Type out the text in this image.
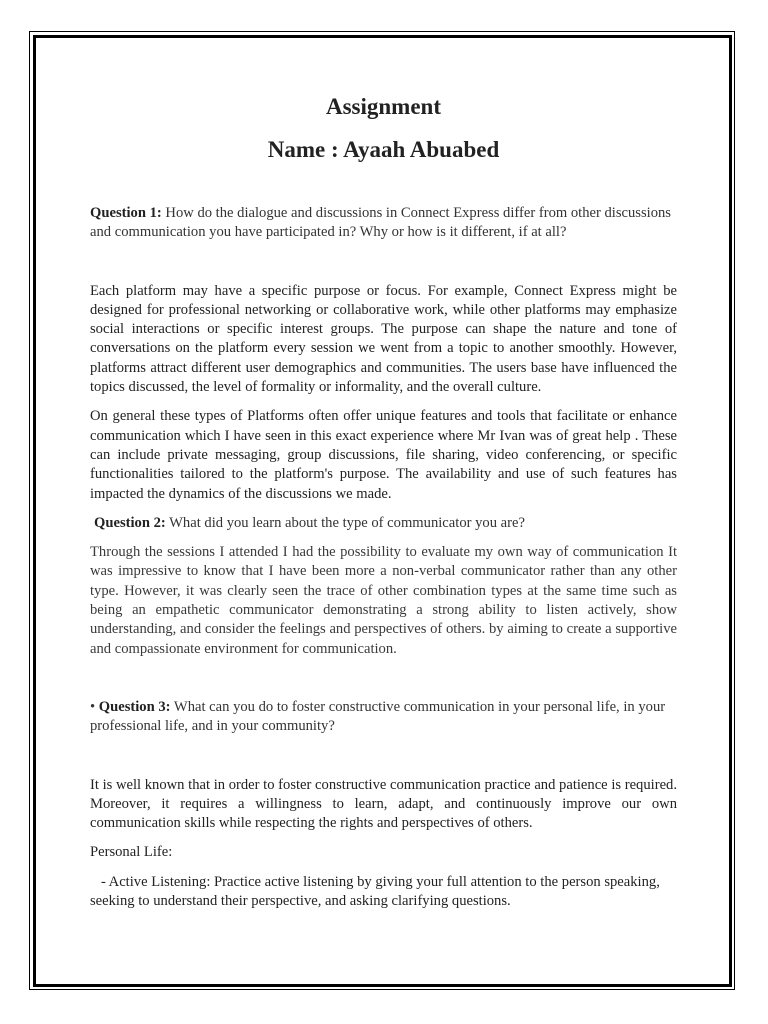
Assignment
Name : Ayaah Abuabed

Question 1: How do the dialogue and discussions in Connect Express differ from other discussions and communication you have participated in? Why or how is it different, if at all?

Each platform may have a specific purpose or focus. For example, Connect Express might be designed for professional networking or collaborative work, while other platforms may emphasize social interactions or specific interest groups. The purpose can shape the nature and tone of conversations on the platform every session we went from a topic to another smoothly. However, platforms attract different user demographics and communities. The users base have influenced the topics discussed, the level of formality or informality, and the overall culture.

On general these types of Platforms often offer unique features and tools that facilitate or enhance communication which I have seen in this exact experience where Mr Ivan was of great help . These can include private messaging, group discussions, file sharing, video conferencing, or specific functionalities tailored to the platform's purpose. The availability and use of such features has impacted the dynamics of the discussions we made.

Question 2: What did you learn about the type of communicator you are?

Through the sessions I attended I had the possibility to evaluate my own way of communication It was impressive to know that I have been more a non-verbal communicator rather than any other type. However, it was clearly seen the trace of other combination types at the same time such as being an empathetic communicator demonstrating a strong ability to listen actively, show understanding, and consider the feelings and perspectives of others. by aiming to create a supportive and compassionate environment for communication.

• Question 3: What can you do to foster constructive communication in your personal life, in your professional life, and in your community?

It is well known that in order to foster constructive communication practice and patience is required. Moreover, it requires a willingness to learn, adapt, and continuously improve our own communication skills while respecting the rights and perspectives of others.

Personal Life:

- Active Listening: Practice active listening by giving your full attention to the person speaking, seeking to understand their perspective, and asking clarifying questions.
